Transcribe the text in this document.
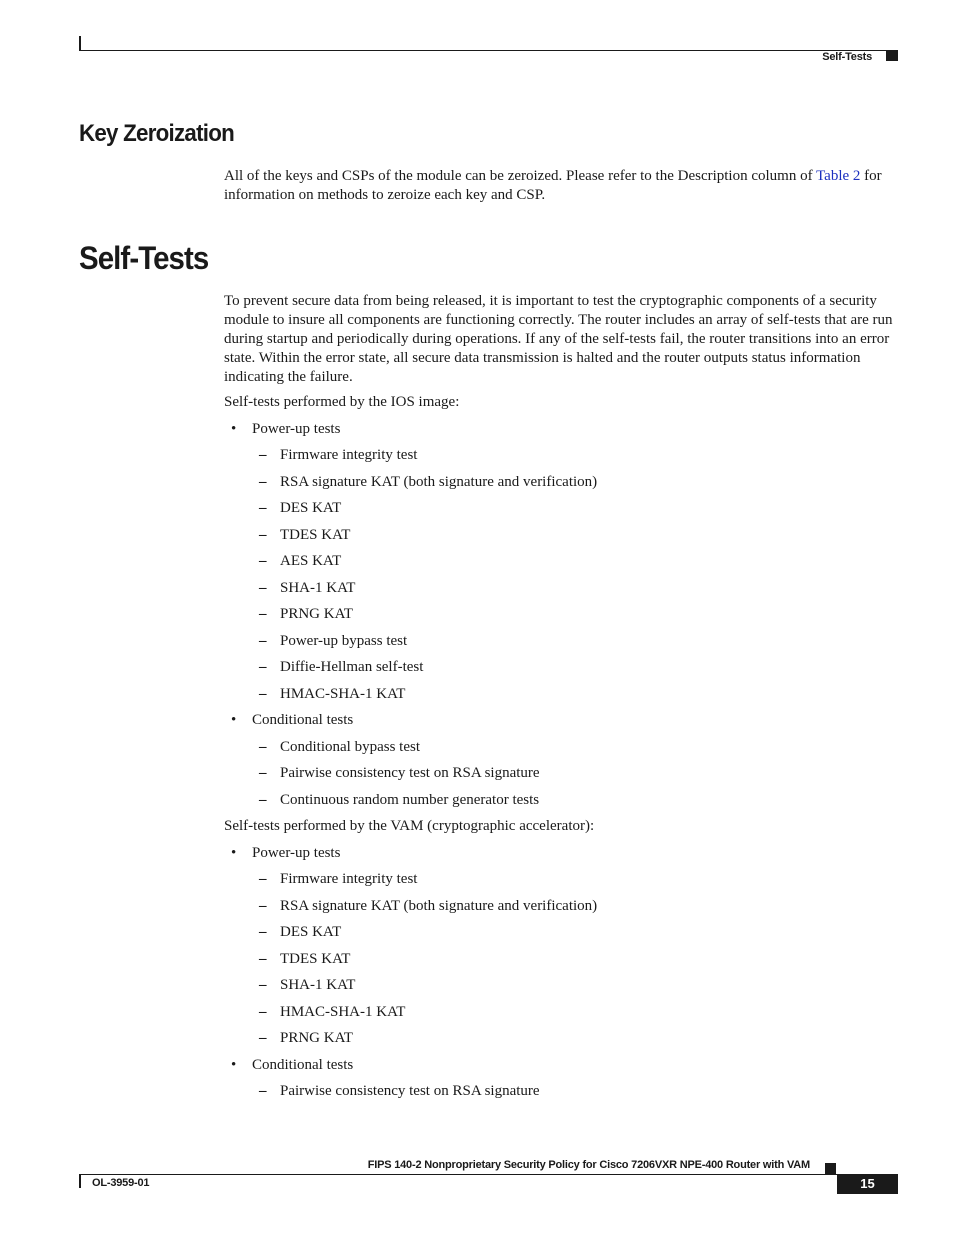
Self-Tests
Key Zeroization
All of the keys and CSPs of the module can be zeroized. Please refer to the Description column of Table 2 for information on methods to zeroize each key and CSP.
Self-Tests
To prevent secure data from being released, it is important to test the cryptographic components of a security module to insure all components are functioning correctly. The router includes an array of self-tests that are run during startup and periodically during operations. If any of the self-tests fail, the router transitions into an error state. Within the error state, all secure data transmission is halted and the router outputs status information indicating the failure.
Self-tests performed by the IOS image:
• Power-up tests
– Firmware integrity test
– RSA signature KAT (both signature and verification)
– DES KAT
– TDES KAT
– AES KAT
– SHA-1 KAT
– PRNG KAT
– Power-up bypass test
– Diffie-Hellman self-test
– HMAC-SHA-1 KAT
• Conditional tests
– Conditional bypass test
– Pairwise consistency test on RSA signature
– Continuous random number generator tests
Self-tests performed by the VAM (cryptographic accelerator):
• Power-up tests
– Firmware integrity test
– RSA signature KAT (both signature and verification)
– DES KAT
– TDES KAT
– SHA-1 KAT
– HMAC-SHA-1 KAT
– PRNG KAT
• Conditional tests
– Pairwise consistency test on RSA signature
FIPS 140-2 Nonproprietary Security Policy for Cisco 7206VXR NPE-400 Router with VAM
OL-3959-01	15
